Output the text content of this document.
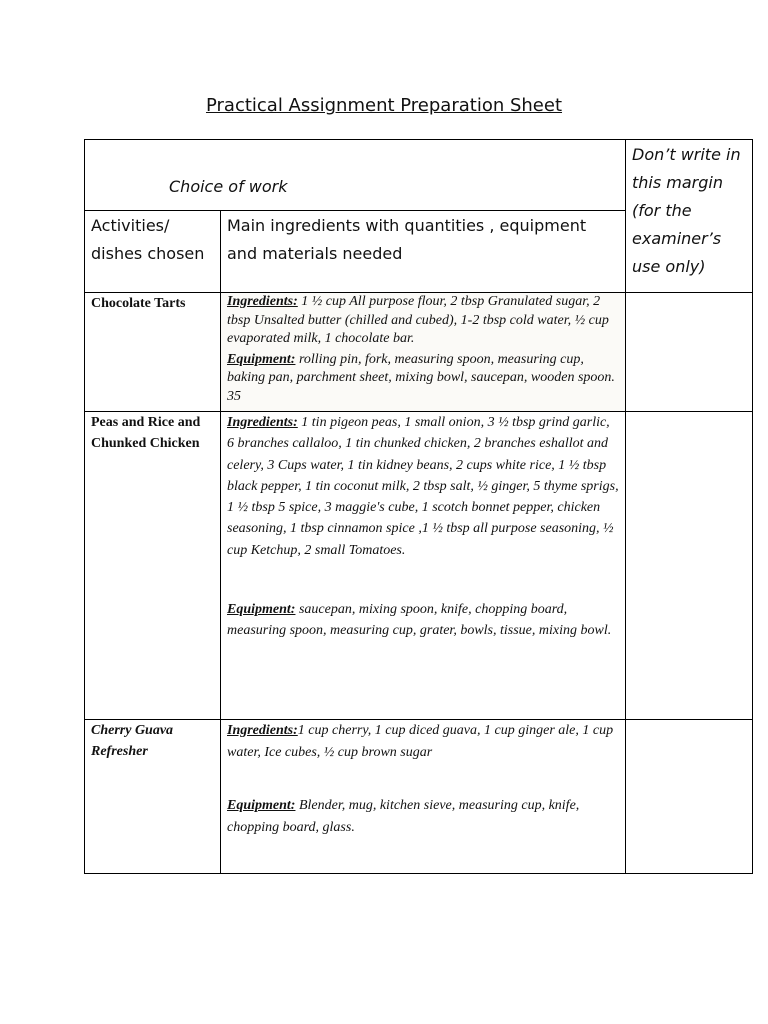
Practical Assignment Preparation Sheet
Choice of work		Don’t write in this margin (for the examiner’s use only)

Activities/ dishes chosen	Main ingredients with quantities , equipment and materials needed	

Chocolate Tarts	Ingredients: 1 ½ cup All purpose flour, 2 tbsp Granulated sugar, 2 tbsp Unsalted butter (chilled and cubed), 1-2 tbsp cold water, ½ cup evaporated milk, 1 chocolate bar.

Equipment: rolling pin, fork, measuring spoon, measuring cup, baking pan, parchment sheet, mixing bowl, saucepan, wooden spoon. 35	

Peas and Rice and Chunked Chicken	Ingredients: 1 tin pigeon peas, 1 small onion, 3 ½ tbsp grind garlic, 6 branches callaloo, 1 tin chunked chicken, 2 branches eshallot and celery, 3 Cups water, 1 tin kidney beans, 2 cups white rice, 1 ½ tbsp black pepper, 1 tin coconut milk, 2 tbsp salt, ½ ginger, 5 thyme sprigs, 1 ½ tbsp 5 spice, 3 maggie's cube, 1 scotch bonnet pepper, chicken seasoning, 1 tbsp cinnamon spice ,1 ½ tbsp all purpose seasoning, ½ cup Ketchup, 2 small Tomatoes.

Equipment: saucepan, mixing spoon, knife, chopping board, measuring spoon, measuring cup, grater, bowls, tissue, mixing bowl.	

Cherry Guava Refresher	Ingredients:1 cup cherry, 1 cup diced guava, 1 cup ginger ale, 1 cup water, Ice cubes, ½ cup brown sugar

Equipment: Blender, mug, kitchen sieve, measuring cup, knife, chopping board, glass.	
